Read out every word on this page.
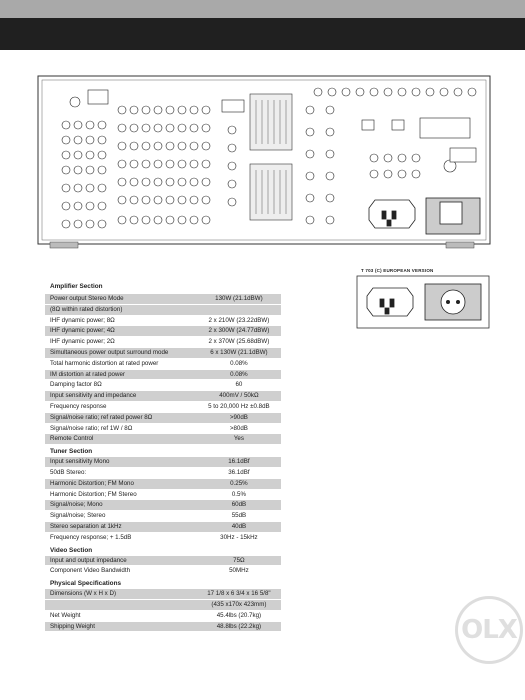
T 703 (C) EUROPEAN VERSION
Amplifier Section
Power output Stereo Mode	130W (21.1dBW)
(8Ω within rated distortion)
IHF dynamic power; 8Ω	2 x 210W (23.22dBW)
IHF dynamic power; 4Ω	2 x 300W (24.77dBW)
IHF dynamic power; 2Ω	2 x 370W (25.68dBW)
Simultaneous power output surround mode	6 x 130W (21.1dBW)
Total harmonic distortion at rated power	0.08%
IM distortion at rated power	0.08%
Damping factor 8Ω	60
Input sensitivity and impedance	400mV / 50kΩ
Frequency response	5 to 20,000 Hz ±0.8dB
Signal/noise ratio; ref rated power 8Ω	>90dB
Signal/noise ratio; ref 1W / 8Ω	>80dB
Remote Control	Yes
Tuner Section
Input sensitivity Mono	16.1dBf
50dB Stereo:	36.1dBf
Harmonic Distortion; FM Mono	0.25%
Harmonic Distortion; FM Stereo	0.5%
Signal/noise; Mono	60dB
Signal/noise; Stereo	55dB
Stereo separation at 1kHz	40dB
Frequency response; + 1.5dB	30Hz - 15kHz
Video Section
Input and output impedance	75Ω
Component Video Bandwidth	50MHz
Physical Specifications
Dimensions (W x H x D)	17 1/8 x 6 3/4 x 16 5/8"
(435 x170x 423mm)
Net Weight	45.4lbs (20.7kg)
Shipping Weight	48.8lbs (22.2kg)	OLX
